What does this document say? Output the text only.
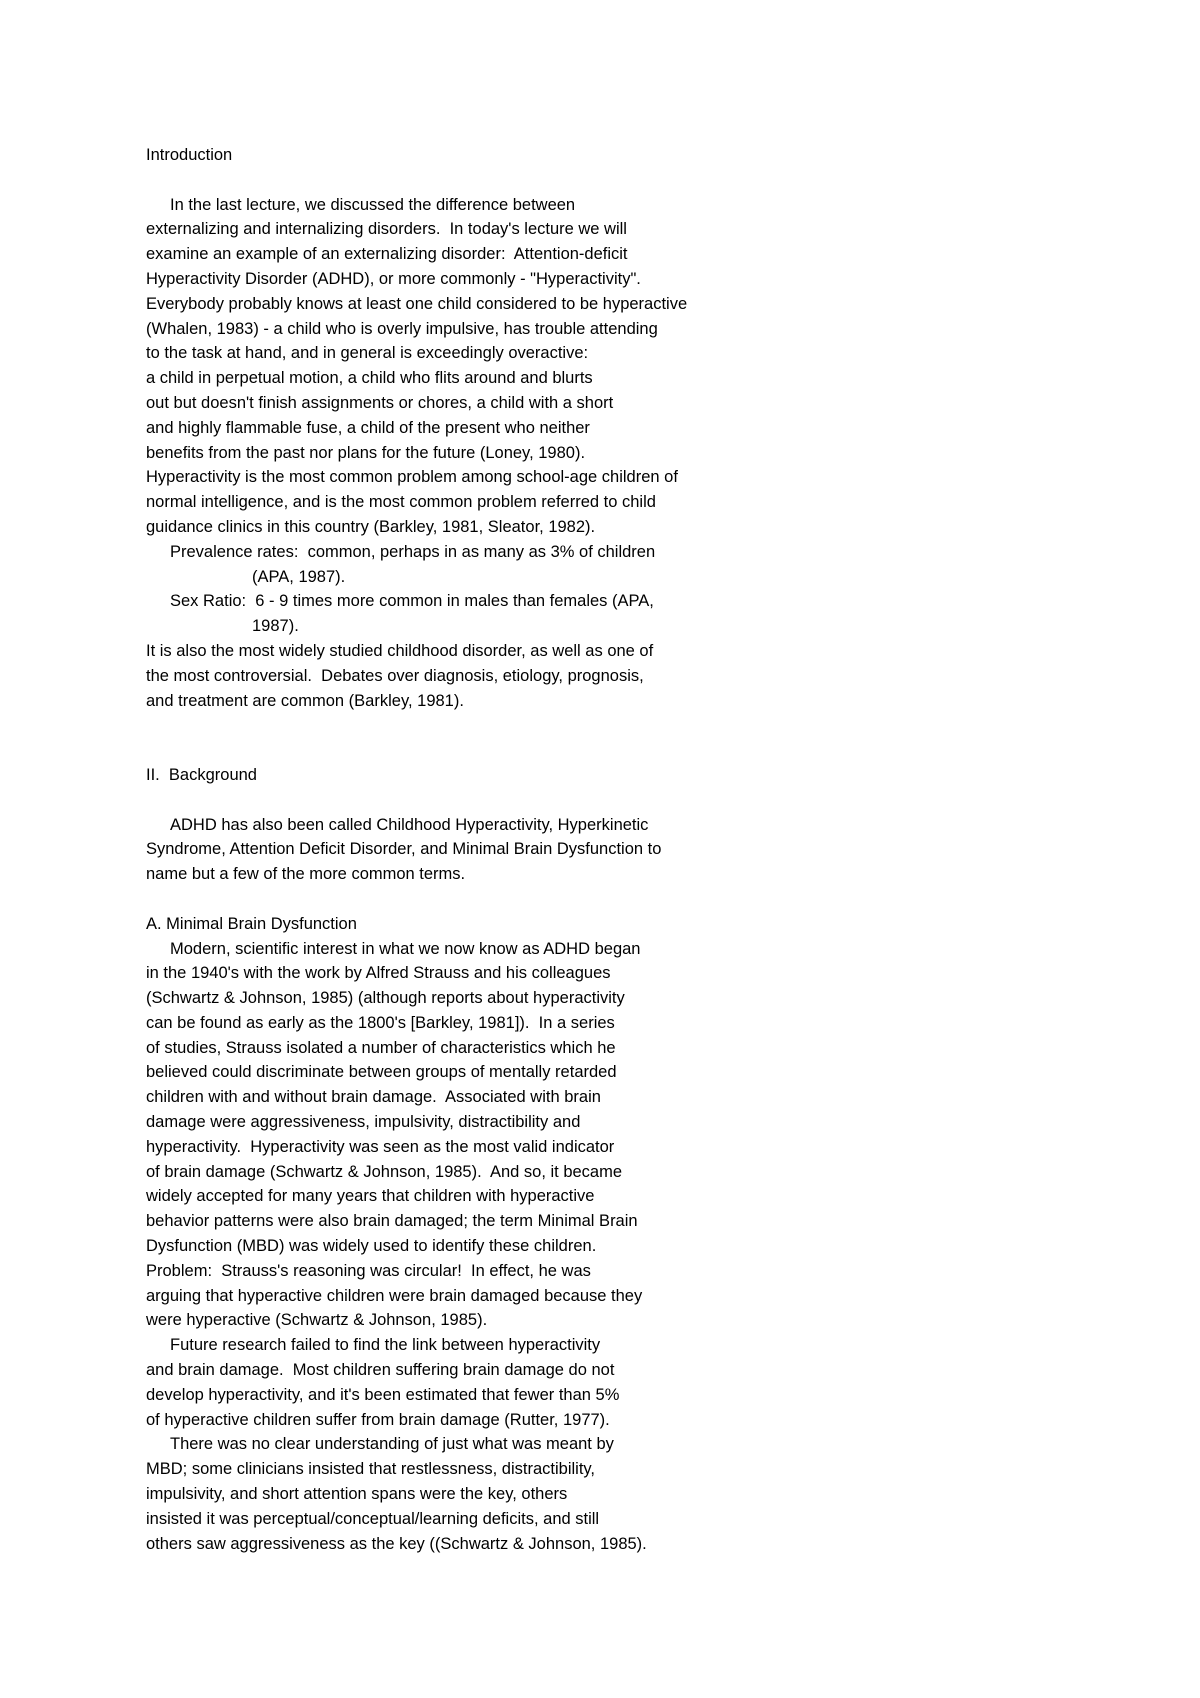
Introduction
In the last lecture, we discussed the difference between
externalizing and internalizing disorders.  In today's lecture we will
examine an example of an externalizing disorder:  Attention-deficit
Hyperactivity Disorder (ADHD), or more commonly - "Hyperactivity".
Everybody probably knows at least one child considered to be hyperactive
(Whalen, 1983) - a child who is overly impulsive, has trouble attending
to the task at hand, and in general is exceedingly overactive:
a child in perpetual motion, a child who flits around and blurts
out but doesn't finish assignments or chores, a child with a short
and highly flammable fuse, a child of the present who neither
benefits from the past nor plans for the future (Loney, 1980).
Hyperactivity is the most common problem among school-age children of
normal intelligence, and is the most common problem referred to child
guidance clinics in this country (Barkley, 1981, Sleator, 1982).
Prevalence rates:  common, perhaps in as many as 3% of children
(APA, 1987).
Sex Ratio:  6 - 9 times more common in males than females (APA,
1987).
It is also the most widely studied childhood disorder, as well as one of
the most controversial.  Debates over diagnosis, etiology, prognosis,
and treatment are common (Barkley, 1981).
II.  Background
ADHD has also been called Childhood Hyperactivity, Hyperkinetic
Syndrome, Attention Deficit Disorder, and Minimal Brain Dysfunction to
name but a few of the more common terms.
A. Minimal Brain Dysfunction
Modern, scientific interest in what we now know as ADHD began
in the 1940's with the work by Alfred Strauss and his colleagues
(Schwartz & Johnson, 1985) (although reports about hyperactivity
can be found as early as the 1800's [Barkley, 1981]).  In a series
of studies, Strauss isolated a number of characteristics which he
believed could discriminate between groups of mentally retarded
children with and without brain damage.  Associated with brain
damage were aggressiveness, impulsivity, distractibility and
hyperactivity.  Hyperactivity was seen as the most valid indicator
of brain damage (Schwartz & Johnson, 1985).  And so, it became
widely accepted for many years that children with hyperactive
behavior patterns were also brain damaged; the term Minimal Brain
Dysfunction (MBD) was widely used to identify these children.
Problem:  Strauss's reasoning was circular!  In effect, he was
arguing that hyperactive children were brain damaged because they
were hyperactive (Schwartz & Johnson, 1985).
Future research failed to find the link between hyperactivity
and brain damage.  Most children suffering brain damage do not
develop hyperactivity, and it's been estimated that fewer than 5%
of hyperactive children suffer from brain damage (Rutter, 1977).
There was no clear understanding of just what was meant by
MBD; some clinicians insisted that restlessness, distractibility,
impulsivity, and short attention spans were the key, others
insisted it was perceptual/conceptual/learning deficits, and still
others saw aggressiveness as the key ((Schwartz & Johnson, 1985).
